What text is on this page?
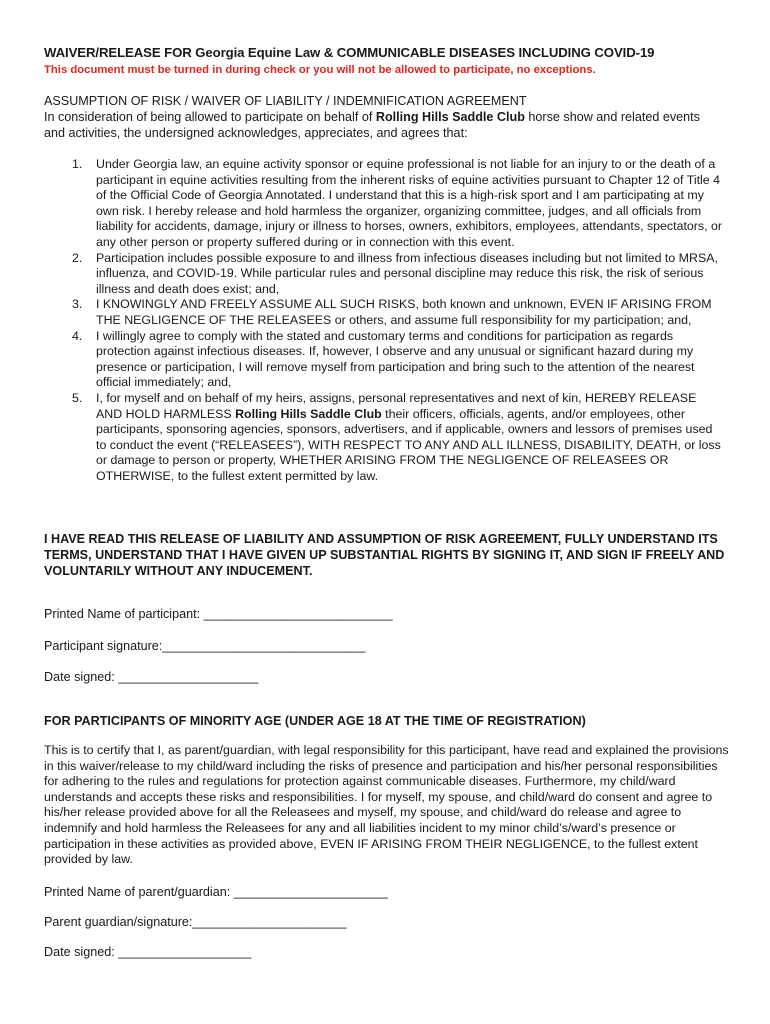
WAIVER/RELEASE FOR Georgia Equine Law & COMMUNICABLE DISEASES INCLUDING COVID-19
This document must be turned in during check or you will not be allowed to participate, no exceptions.
ASSUMPTION OF RISK / WAIVER OF LIABILITY / INDEMNIFICATION AGREEMENT
In consideration of being allowed to participate on behalf of Rolling Hills Saddle Club horse show and related events and activities, the undersigned acknowledges, appreciates, and agrees that:
1. Under Georgia law, an equine activity sponsor or equine professional is not liable for an injury to or the death of a participant in equine activities resulting from the inherent risks of equine activities pursuant to Chapter 12 of Title 4 of the Official Code of Georgia Annotated. I understand that this is a high-risk sport and I am participating at my own risk. I hereby release and hold harmless the organizer, organizing committee, judges, and all officials from liability for accidents, damage, injury or illness to horses, owners, exhibitors, employees, attendants, spectators, or any other person or property suffered during or in connection with this event.
2. Participation includes possible exposure to and illness from infectious diseases including but not limited to MRSA, influenza, and COVID-19. While particular rules and personal discipline may reduce this risk, the risk of serious illness and death does exist; and,
3. I KNOWINGLY AND FREELY ASSUME ALL SUCH RISKS, both known and unknown, EVEN IF ARISING FROM THE NEGLIGENCE OF THE RELEASEES or others, and assume full responsibility for my participation; and,
4. I willingly agree to comply with the stated and customary terms and conditions for participation as regards protection against infectious diseases. If, however, I observe and any unusual or significant hazard during my presence or participation, I will remove myself from participation and bring such to the attention of the nearest official immediately; and,
5. I, for myself and on behalf of my heirs, assigns, personal representatives and next of kin, HEREBY RELEASE AND HOLD HARMLESS Rolling Hills Saddle Club their officers, officials, agents, and/or employees, other participants, sponsoring agencies, sponsors, advertisers, and if applicable, owners and lessors of premises used to conduct the event (“RELEASEES”), WITH RESPECT TO ANY AND ALL ILLNESS, DISABILITY, DEATH, or loss or damage to person or property, WHETHER ARISING FROM THE NEGLIGENCE OF RELEASEES OR OTHERWISE, to the fullest extent permitted by law.
I HAVE READ THIS RELEASE OF LIABILITY AND ASSUMPTION OF RISK AGREEMENT, FULLY UNDERSTAND ITS TERMS, UNDERSTAND THAT I HAVE GIVEN UP SUBSTANTIAL RIGHTS BY SIGNING IT, AND SIGN IF FREELY AND VOLUNTARILY WITHOUT ANY INDUCEMENT.
Printed Name of participant: ___________________________
Participant signature:_____________________________
Date signed: ____________________
FOR PARTICIPANTS OF MINORITY AGE (UNDER AGE 18 AT THE TIME OF REGISTRATION)
This is to certify that I, as parent/guardian, with legal responsibility for this participant, have read and explained the provisions in this waiver/release to my child/ward including the risks of presence and participation and his/her personal responsibilities for adhering to the rules and regulations for protection against communicable diseases. Furthermore, my child/ward understands and accepts these risks and responsibilities. I for myself, my spouse, and child/ward do consent and agree to his/her release provided above for all the Releasees and myself, my spouse, and child/ward do release and agree to indemnify and hold harmless the Releasees for any and all liabilities incident to my minor child’s/ward’s presence or participation in these activities as provided above, EVEN IF ARISING FROM THEIR NEGLIGENCE, to the fullest extent provided by law.
Printed Name of parent/guardian: ______________________
Parent guardian/signature:______________________
Date signed: ___________________
